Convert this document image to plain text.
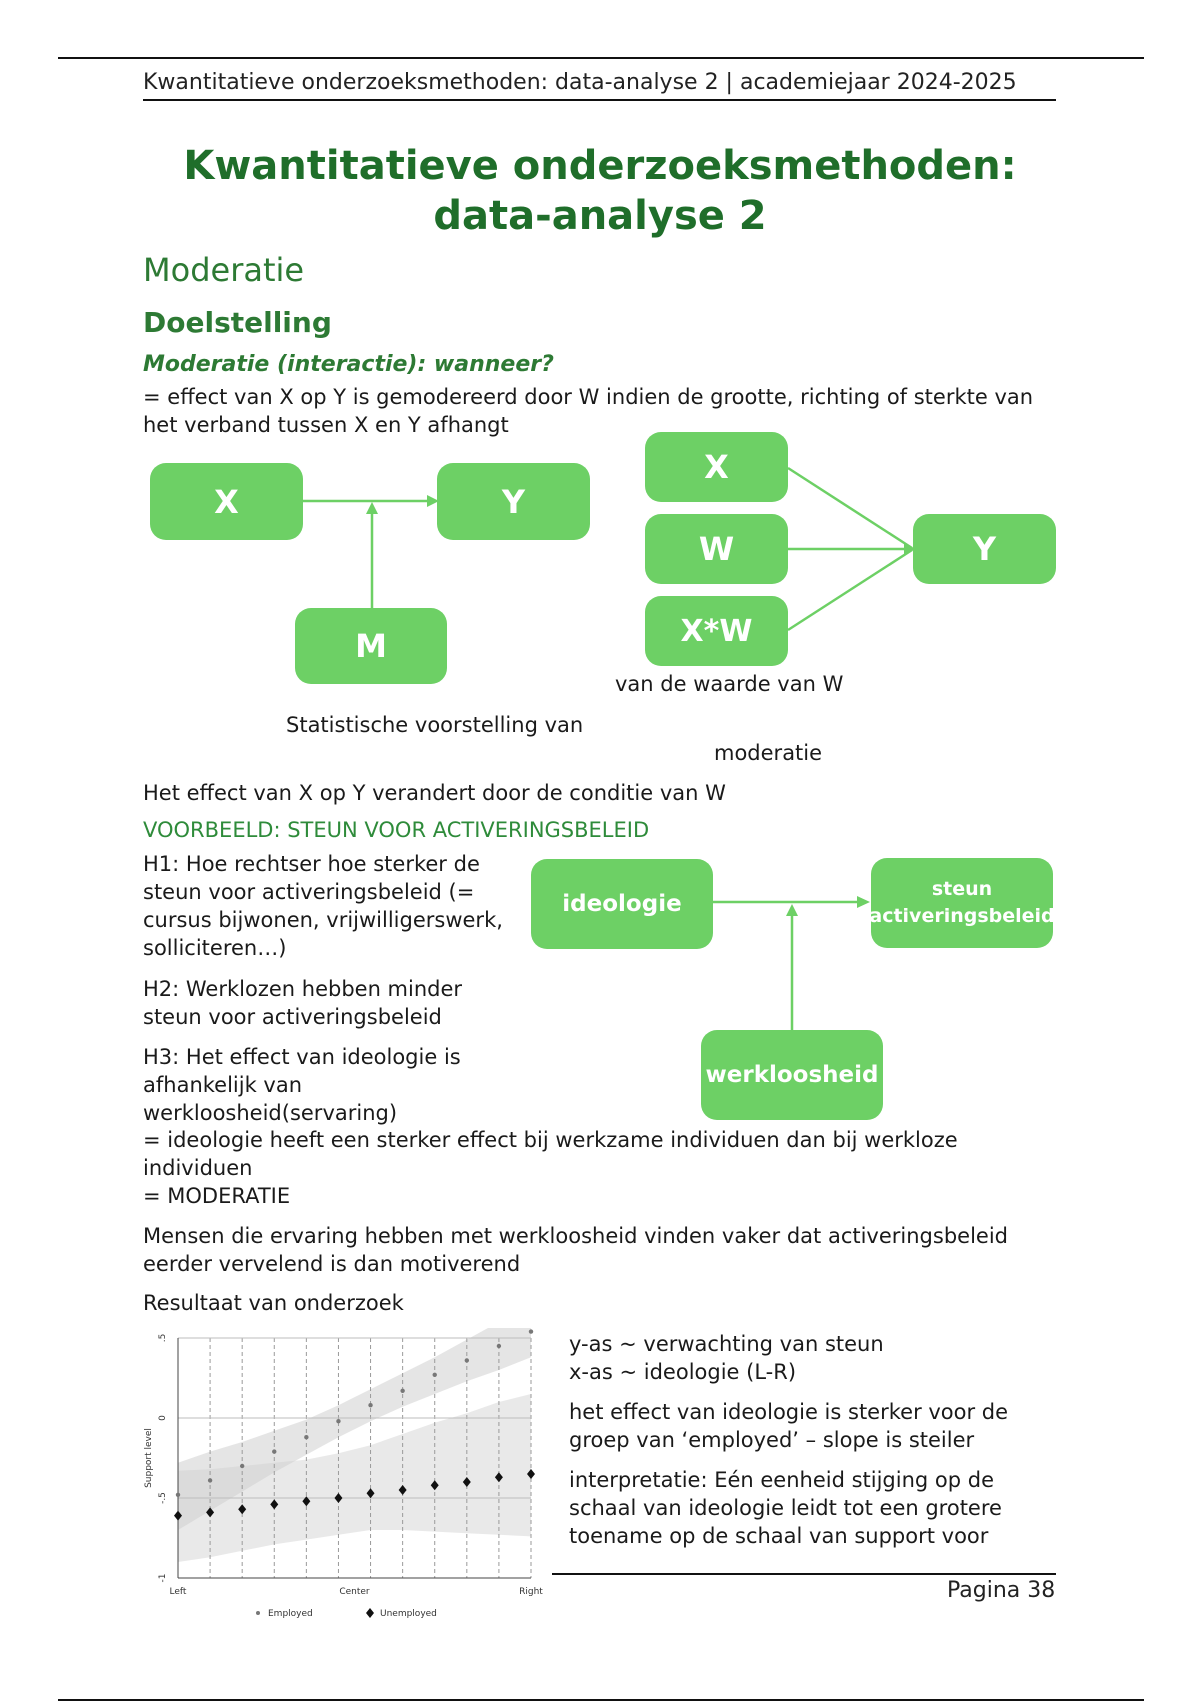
Kwantitatieve onderzoeksmethoden: data-analyse 2 | academiejaar 2024-2025
Kwantitatieve onderzoeksmethoden:
data-analyse 2
Moderatie
Doelstelling
Moderatie (interactie): wanneer?
= effect van X op Y is gemodereerd door W indien de grootte, richting of sterkte van het verband tussen X en Y afhangt
X	Y
M
X
W
X*W
Y
van de waarde van W
Statistische voorstelling van
moderatie
Het effect van X op Y verandert door de conditie van W
VOORBEELD: STEUN VOOR ACTIVERINGSBELEID
H1: Hoe rechtser hoe sterker de steun voor activeringsbeleid (= cursus bijwonen, vrijwilligerswerk, solliciteren…)
H2: Werklozen hebben minder steun voor activeringsbeleid
H3: Het effect van ideologie is afhankelijk van werkloosheid(servaring)
ideologie
steun activeringsbeleid
werkloosheid
= ideologie heeft een sterker effect bij werkzame individuen dan bij werkloze individuen
= MODERATIE
Mensen die ervaring hebben met werkloosheid vinden vaker dat activeringsbeleid eerder vervelend is dan motiverend
Resultaat van onderzoek
-1
-.5
0
.5
Support level
Left	Center	Right
Employed	Unemployed
y-as ~ verwachting van steun
x-as ~ ideologie (L-R)
het effect van ideologie is sterker voor de groep van ‘employed’ – slope is steiler
interpretatie: Eén eenheid stijging op de schaal van ideologie leidt tot een grotere toename op de schaal van support voor
Pagina 38
